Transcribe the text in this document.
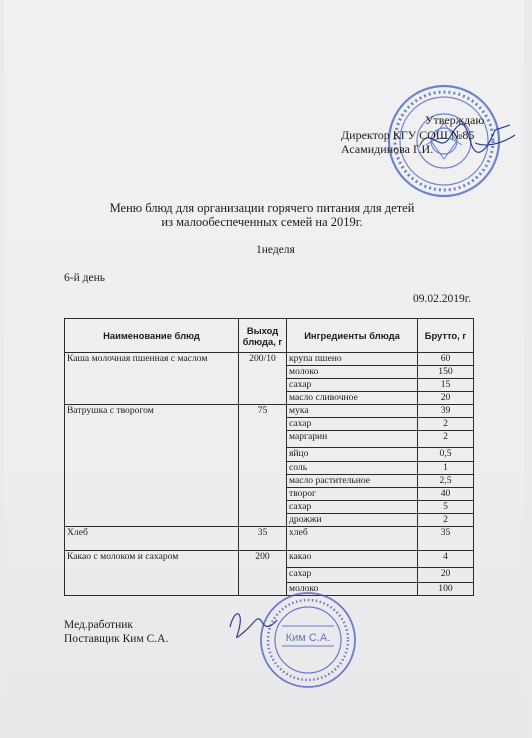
Утверждаю
Директор КГУ СОШ №85
Асамидинова Г.И.
Меню блюд для организации горячего питания для детей
из малообеспеченных семей на 2019г.
1неделя
6-й день
09.02.2019г.
Наименование блюд	Выход блюда, г	Ингредиенты блюда	Брутто, г
Каша молочная пшенная с маслом	200/10	крупа пшено	60
		молоко	150
		сахар	15
		масло сливочное	20
Ватрушка с творогом	75	мука	39
		сахар	2
		маргарин	2
		яйцо	0,5
		соль	1
		масло растительное	2,5
		творог	40
		сахар	5
		дрожжи	2
Хлеб	35	хлеб	35
Какао с молоком и сахаром	200	какао	4
		сахар	20
		молоко	100
Мед.работник
Поставщик Ким С.А.	Ким С.А.
